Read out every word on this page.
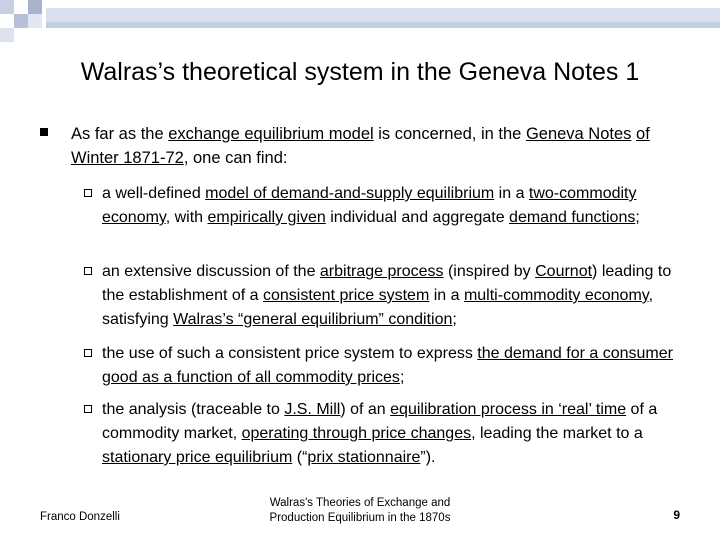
Walras’s theoretical system in the Geneva Notes 1
As far as the exchange equilibrium model is concerned, in the Geneva Notes of Winter 1871-72, one can find:
a well-defined model of demand-and-supply equilibrium in a two-commodity economy, with empirically given individual and aggregate demand functions;
an extensive discussion of the arbitrage process (inspired by Cournot) leading to the establishment of a consistent price system in a multi-commodity economy, satisfying Walras’s “general equilibrium” condition;
the use of such a consistent price system to express the demand for a consumer good as a function of all commodity prices;
the analysis (traceable to J.S. Mill) of an equilibration process in ‘real’ time of a commodity market, operating through price changes, leading the market to a stationary price equilibrium (“prix stationnaire”).
Franco Donzelli
Walras's Theories of Exchange and
Production Equilibrium in the 1870s	9
